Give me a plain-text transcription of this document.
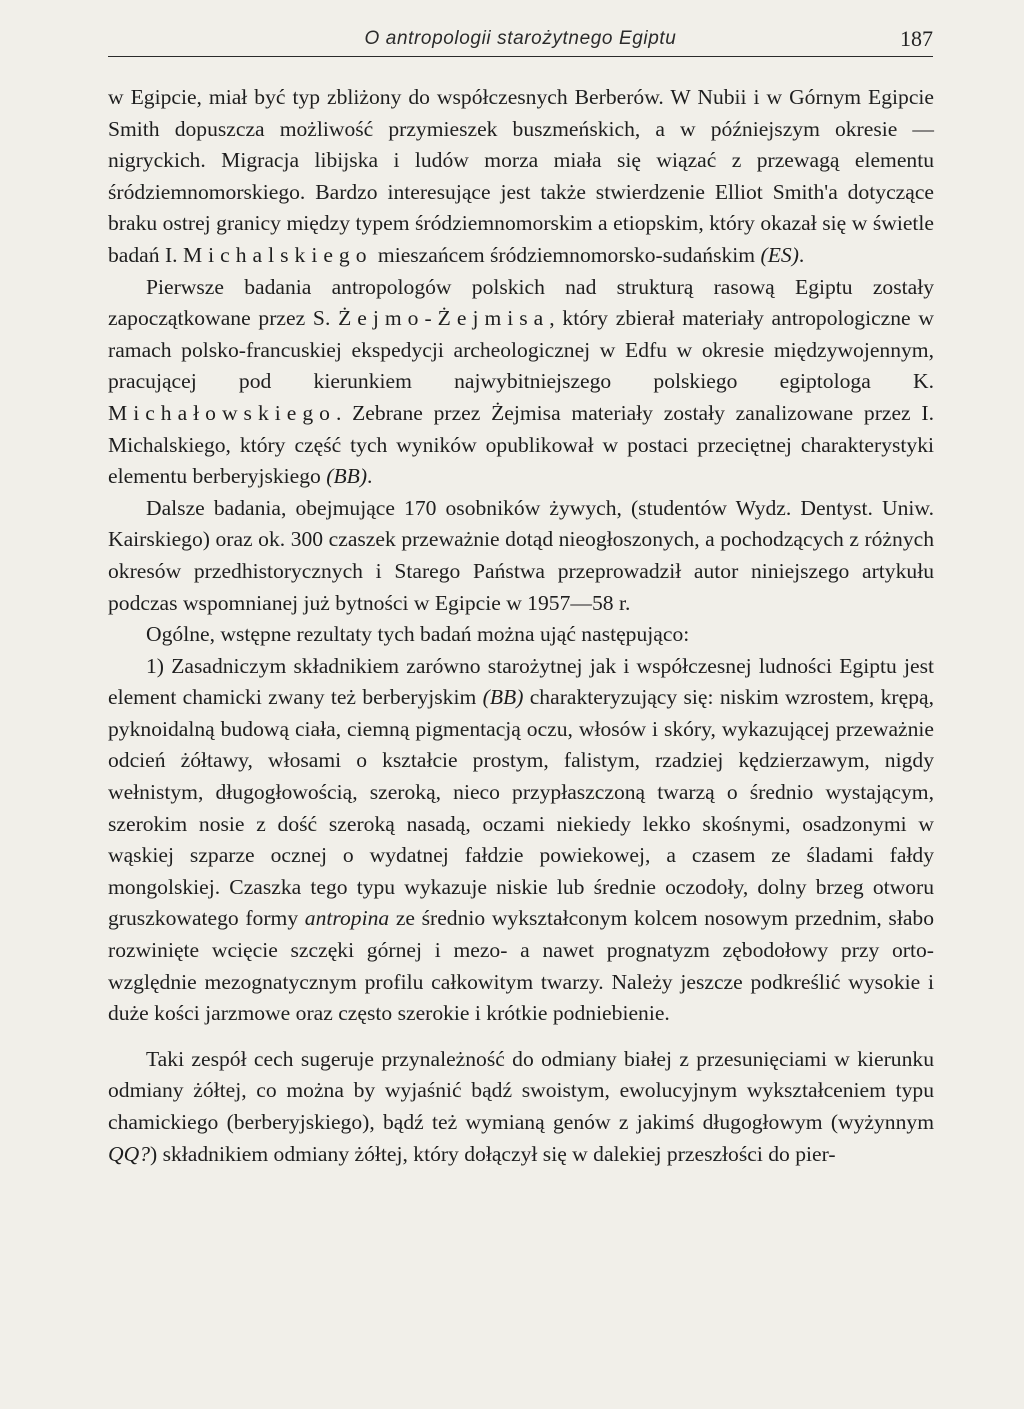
O antropologii starożytnego Egiptu	187

w Egipcie, miał być typ zbliżony do współczesnych Berberów. W Nubii i w Górnym Egipcie Smith dopuszcza możliwość przymieszek buszmeńskich, a w późniejszym okresie — nigryckich. Migracja libijska i ludów morza miała się wiązać z przewagą elementu śródziemnomorskiego. Bardzo interesujące jest także stwierdzenie Elliot Smith'a dotyczące braku ostrej granicy między typem śródziemnomorskim a etiopskim, który okazał się w świetle badań I. Michalskiego mieszańcem śródziemnomorsko-sudańskim (ES).

Pierwsze badania antropologów polskich nad strukturą rasową Egiptu zostały zapoczątkowane przez S. Żejmo-Żejmisa, który zbierał materiały antropologiczne w ramach polsko-francuskiej ekspedycji archeologicznej w Edfu w okresie międzywojennym, pracującej pod kierunkiem najwybitniejszego polskiego egiptologa K. Michałowskiego. Zebrane przez Żejmisa materiały zostały zanalizowane przez I. Michalskiego, który część tych wyników opublikował w postaci przeciętnej charakterystyki elementu berberyjskiego (BB).

Dalsze badania, obejmujące 170 osobników żywych, (studentów Wydz. Dentyst. Uniw. Kairskiego) oraz ok. 300 czaszek przeważnie dotąd nieogłoszonych, a pochodzących z różnych okresów przedhistorycznych i Starego Państwa przeprowadził autor niniejszego artykułu podczas wspomnianej już bytności w Egipcie w 1957—58 r.

Ogólne, wstępne rezultaty tych badań można ująć następująco:

1) Zasadniczym składnikiem zarówno starożytnej jak i współczesnej ludności Egiptu jest element chamicki zwany też berberyjskim (BB) charakteryzujący się: niskim wzrostem, krępą, pyknoidalną budową ciała, ciemną pigmentacją oczu, włosów i skóry, wykazującej przeważnie odcień żółtawy, włosami o kształcie prostym, falistym, rzadziej kędzierzawym, nigdy wełnistym, długogłowością, szeroką, nieco przypłaszczoną twarzą o średnio wystającym, szerokim nosie z dość szeroką nasadą, oczami niekiedy lekko skośnymi, osadzonymi w wąskiej szparze ocznej o wydatnej fałdzie powiekowej, a czasem ze śladami fałdy mongolskiej. Czaszka tego typu wykazuje niskie lub średnie oczodoły, dolny brzeg otworu gruszkowatego formy antropina ze średnio wykształconym kolcem nosowym przednim, słabo rozwinięte wcięcie szczęki górnej i mezo- a nawet prognatyzm zębodołowy przy orto- względnie mezognatycznym profilu całkowitym twarzy. Należy jeszcze podkreślić wysokie i duże kości jarzmowe oraz często szerokie i krótkie podniebienie.

Taki zespół cech sugeruje przynależność do odmiany białej z przesunięciami w kierunku odmiany żółtej, co można by wyjaśnić bądź swoistym, ewolucyjnym wykształceniem typu chamickiego (berberyjskiego), bądź też wymianą genów z jakimś długogłowym (wyżynnym QQ?) składnikiem odmiany żółtej, który dołączył się w dalekiej przeszłości do pier-
